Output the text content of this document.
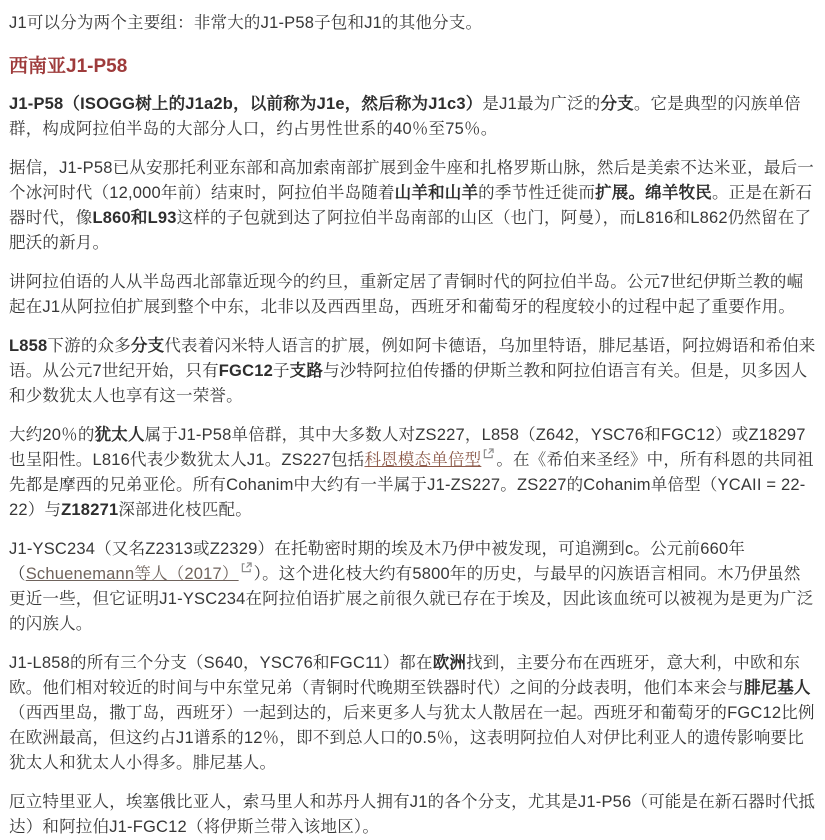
J1可以分为两个主要组：非常大的J1-P58子包和J1的其他分支。

西南亚J1-P58

J1-P58（ISOGG树上的J1a2b，以前称为J1e，然后称为J1c3）是J1最为广泛的分支。它是典型的闪族单倍群，构成阿拉伯半岛的大部分人口，约占男性世系的40％至75％。

据信，J1-P58已从安那托利亚东部和高加索南部扩展到金牛座和扎格罗斯山脉，然后是美索不达米亚，最后一个冰河时代（12,000年前）结束时，阿拉伯半岛随着山羊和山羊的季节性迁徙而扩展。绵羊牧民。正是在新石器时代，像L860和L93这样的子包就到达了阿拉伯半岛南部的山区（也门，阿曼），而L816和L862仍然留在了肥沃的新月。

讲阿拉伯语的人从半岛西北部靠近现今的约旦，重新定居了青铜时代的阿拉伯半岛。公元7世纪伊斯兰教的崛起在J1从阿拉伯扩展到整个中东，北非以及西西里岛，西班牙和葡萄牙的程度较小的过程中起了重要作用。

L858下游的众多分支代表着闪米特人语言的扩展，例如阿卡德语，乌加里特语，腓尼基语，阿拉姆语和希伯来语。从公元7世纪开始，只有FGC12子支路与沙特阿拉伯传播的伊斯兰教和阿拉伯语言有关。但是，贝多因人和少数犹太人也享有这一荣誉。

大约20％的犹太人属于J1-P58单倍群，其中大多数人对ZS227，L858（Z642，YSC76和FGC12）或Z18297也呈阳性。L816代表少数犹太人J1。ZS227包括科恩模态单倍型 。在《希伯来圣经》中，所有科恩的共同祖先都是摩西的兄弟亚伦。所有Cohanim中大约有一半属于J1-ZS227。ZS227的Cohanim单倍型（YCAII = 22-22）与Z18271深部进化枝匹配。

J1-YSC234（又名Z2313或Z2329）在托勒密时期的埃及木乃伊中被发现，可追溯到c。公元前660年（Schuenemann等人（2017） ）。这个进化枝大约有5800年的历史，与最早的闪族语言相同。木乃伊虽然更近一些，但它证明J1-YSC234在阿拉伯语扩展之前很久就已存在于埃及，因此该血统可以被视为是更为广泛的闪族人。

J1-L858的所有三个分支（S640，YSC76和FGC11）都在欧洲找到，主要分布在西班牙，意大利，中欧和东欧。他们相对较近的时间与中东堂兄弟（青铜时代晚期至铁器时代）之间的分歧表明，他们本来会与腓尼基人（西西里岛，撒丁岛，西班牙）一起到达的，后来更多人与犹太人散居在一起。西班牙和葡萄牙的FGC12比例在欧洲最高，但这约占J1谱系的12％，即不到总人口的0.5％，这表明阿拉伯人对伊比利亚人的遗传影响要比犹太人和犹太人小得多。腓尼基人。

厄立特里亚人，埃塞俄比亚人，索马里人和苏丹人拥有J1的各个分支，尤其是J1-P56（可能是在新石器时代抵达）和阿拉伯J1-FGC12（将伊斯兰带入该地区）。
